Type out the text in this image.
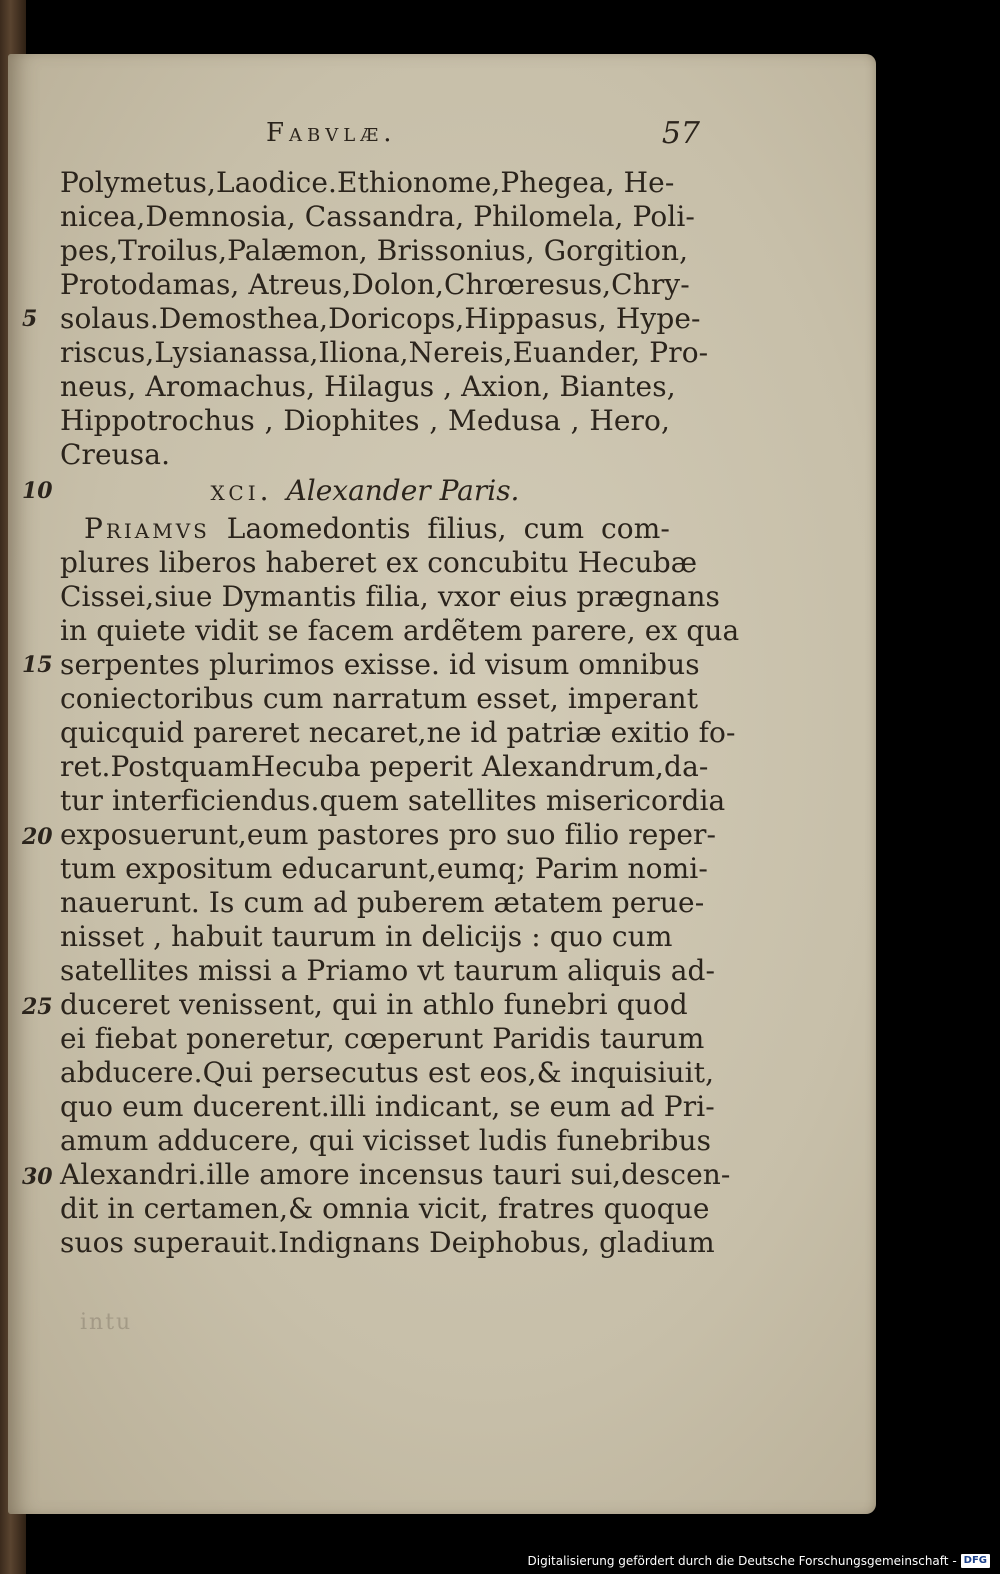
Fabvlæ.	57
Polymetus,Laodice.Ethionome,Phegea, He-
nicea,Demnosia, Cassandra, Philomela, Poli-
pes,Troilus,Palæmon, Brissonius, Gorgition,
Protodamas, Atreus,Dolon,Chrœresus,Chry-
solaus.Demosthea,Doricops,Hippasus, Hype-
riscus,Lysianassa,Iliona,Nereis,Euander, Pro-
neus, Aromachus, Hilagus , Axion, Biantes,
Hippotrochus , Diophites , Medusa , Hero,
Creusa.
xci. Alexander Paris.
Priamvs Laomedontis filius, cum com-
plures liberos haberet ex concubitu Hecubæ
Cissei,siue Dymantis filia, vxor eius prægnans
in quiete vidit se facem ardẽtem parere, ex qua
serpentes plurimos exisse. id visum omnibus
coniectoribus cum narratum esset, imperant
quicquid pareret necaret,ne id patriæ exitio fo-
ret.PostquamHecuba peperit Alexandrum,da-
tur interficiendus.quem satellites misericordia
exposuerunt,eum pastores pro suo filio reper-
tum expositum educarunt,eumq; Parim nomi-
nauerunt. Is cum ad puberem ætatem perue-
nisset , habuit taurum in delicijs : quo cum
satellites missi a Priamo vt taurum aliquis ad-
duceret venissent, qui in athlo funebri quod
ei fiebat poneretur, cœperunt Paridis taurum
abducere.Qui persecutus est eos,& inquisiuit,
quo eum ducerent.illi indicant, se eum ad Pri-
amum adducere, qui vicisset ludis funebribus
Alexandri.ille amore incensus tauri sui,descen-
dit in certamen,& omnia vicit, fratres quoque
suos superauit.Indignans Deiphobus, gladium
5
10
15
20
25
30
intu
Digitalisierung gefördert durch die Deutsche Forschungsgemeinschaft - DFG
